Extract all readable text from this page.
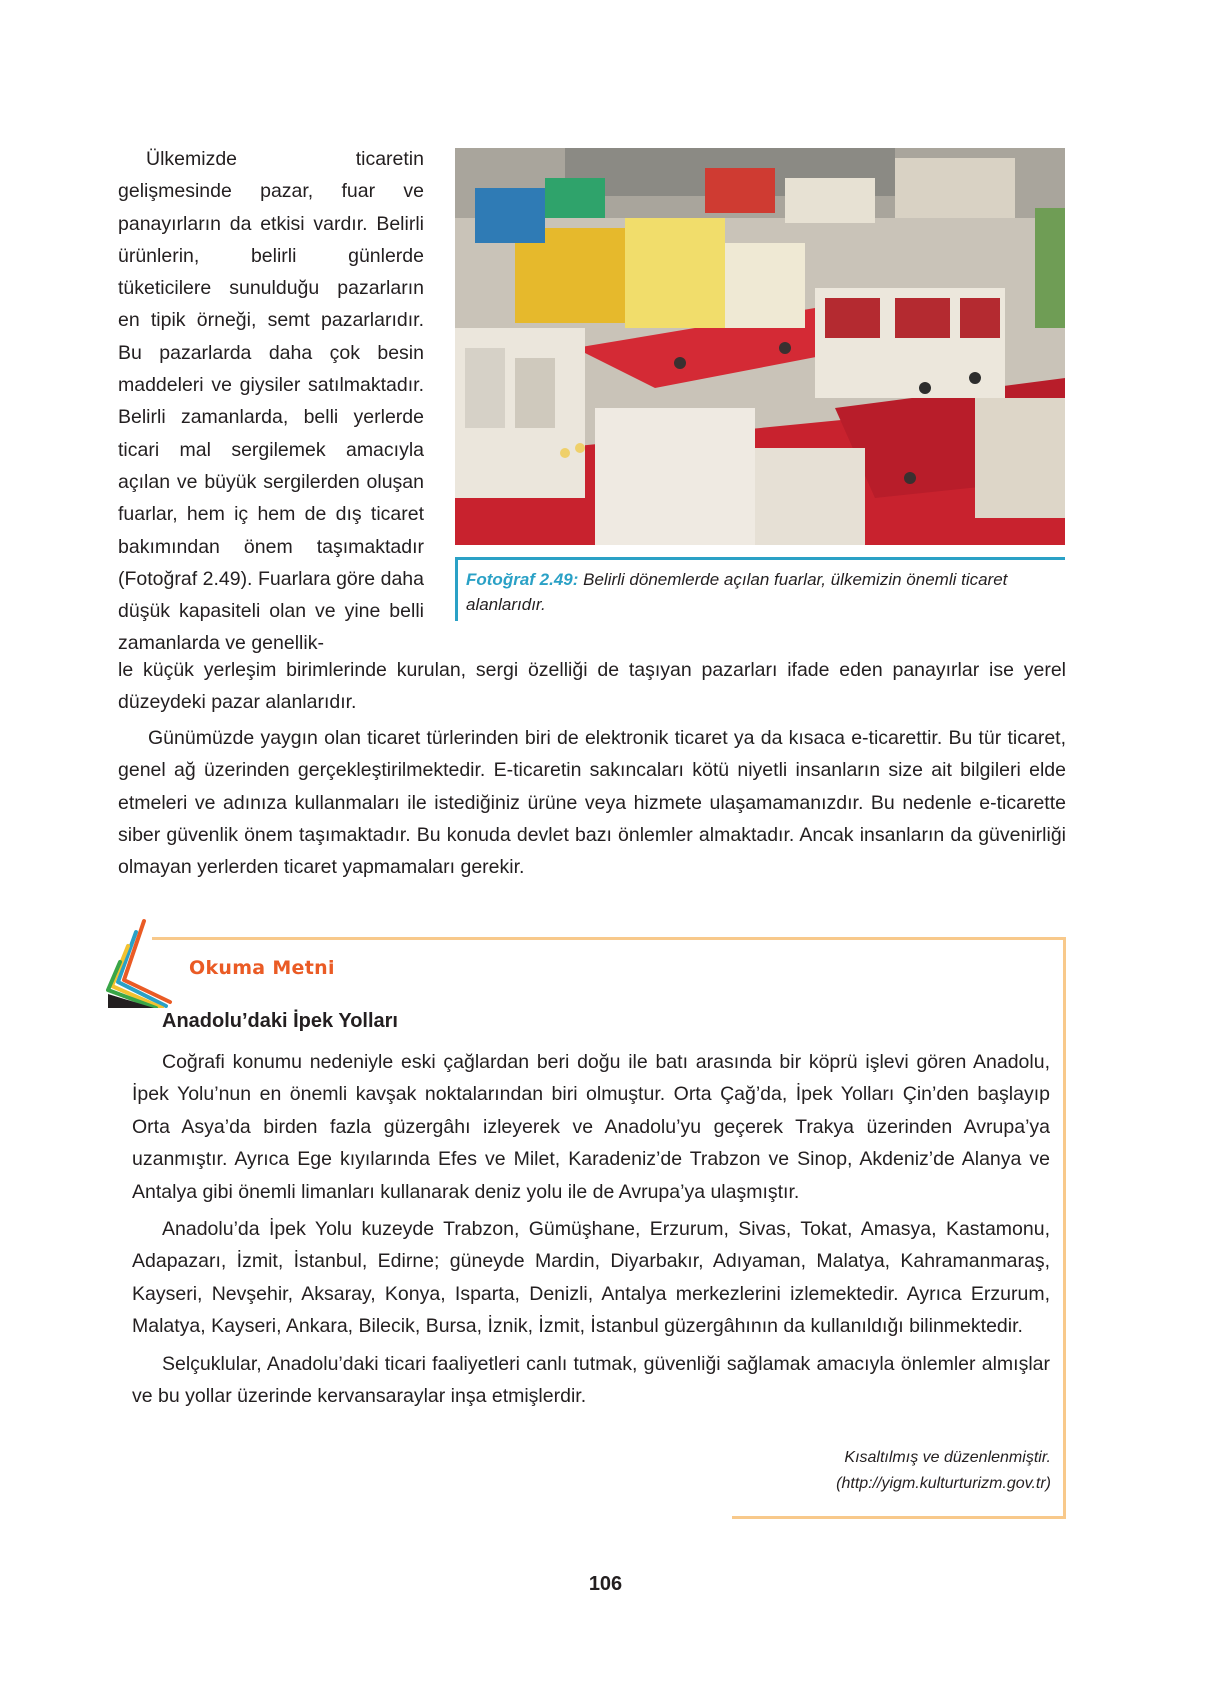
Ülkemizde ticaretin gelişmesinde pazar, fuar ve panayırların da etkisi vardır. Belirli ürünlerin, belirli günlerde tüketicilere sunulduğu pazarların en tipik örneği, semt pazarlarıdır. Bu pazarlarda daha çok besin maddeleri ve giysiler satılmaktadır. Belirli zamanlarda, belli yerlerde ticari mal sergilemek amacıyla açılan ve büyük sergilerden oluşan fuarlar, hem iç hem de dış ticaret bakımından önem taşımaktadır (Fotoğraf 2.49). Fuarlara göre daha düşük kapasiteli olan ve yine belli zamanlarda ve genellik-

Fotoğraf 2.49: Belirli dönemlerde açılan fuarlar, ülkemizin önemli ticaret alanlarıdır.

le küçük yerleşim birimlerinde kurulan, sergi özelliği de taşıyan pazarları ifade eden panayırlar ise yerel düzeydeki pazar alanlarıdır.

Günümüzde yaygın olan ticaret türlerinden biri de elektronik ticaret ya da kısaca e-ticarettir. Bu tür ticaret, genel ağ üzerinden gerçekleştirilmektedir. E-ticaretin sakıncaları kötü niyetli insanların size ait bilgileri elde etmeleri ve adınıza kullanmaları ile istediğiniz ürüne veya hizmete ulaşamamanızdır. Bu nedenle e-ticarette siber güvenlik önem taşımaktadır. Bu konuda devlet bazı önlemler almaktadır. Ancak insanların da güvenirliği olmayan yerlerden ticaret yapmamaları gerekir.

Okuma Metni
Anadolu’daki İpek Yolları

Coğrafi konumu nedeniyle eski çağlardan beri doğu ile batı arasında bir köprü işlevi gören Anadolu, İpek Yolu’nun en önemli kavşak noktalarından biri olmuştur. Orta Çağ’da, İpek Yolları Çin’den başlayıp Orta Asya’da birden fazla güzergâhı izleyerek ve Anadolu’yu geçerek Trakya üzerinden Avrupa’ya uzanmıştır. Ayrıca Ege kıyılarında Efes ve Milet, Karadeniz’de Trabzon ve Sinop, Akdeniz’de Alanya ve Antalya gibi önemli limanları kullanarak deniz yolu ile de Avrupa’ya ulaşmıştır.

Anadolu’da İpek Yolu kuzeyde Trabzon, Gümüşhane, Erzurum, Sivas, Tokat, Amasya, Kastamonu, Adapazarı, İzmit, İstanbul, Edirne; güneyde Mardin, Diyarbakır, Adıyaman, Malatya, Kahramanmaraş, Kayseri, Nevşehir, Aksaray, Konya, Isparta, Denizli, Antalya merkezlerini izlemektedir. Ayrıca Erzurum, Malatya, Kayseri, Ankara, Bilecik, Bursa, İznik, İzmit, İstanbul güzergâhının da kullanıldığı bilinmektedir.

Selçuklular, Anadolu’daki ticari faaliyetleri canlı tutmak, güvenliği sağlamak amacıyla önlemler almışlar ve bu yollar üzerinde kervansaraylar inşa etmişlerdir.

Kısaltılmış ve düzenlenmiştir.
(http://yigm.kulturturizm.gov.tr)
106
